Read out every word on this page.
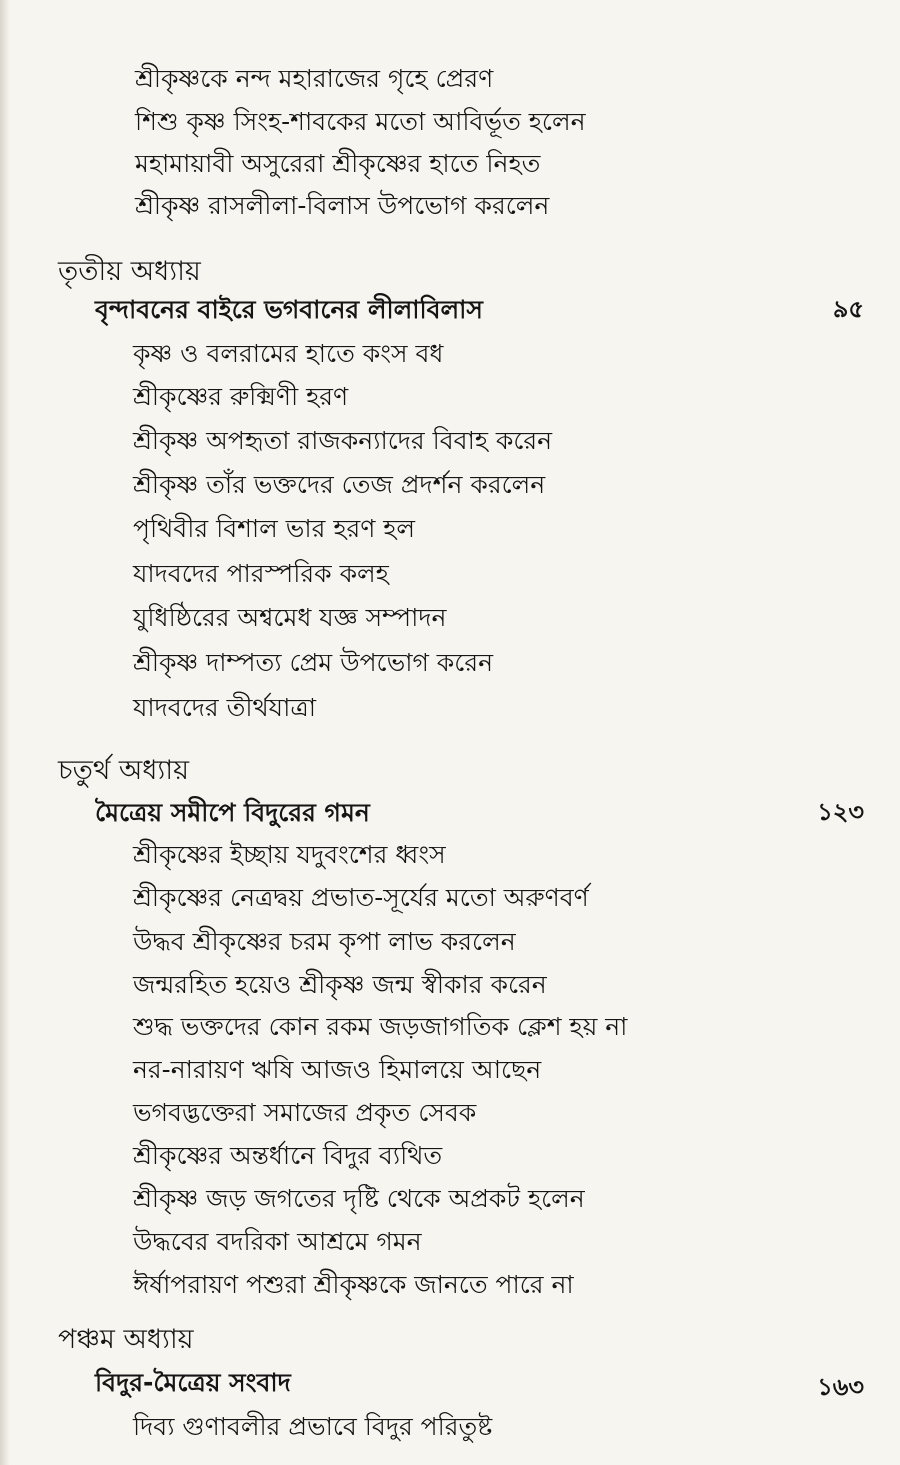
শ্রীকৃষ্ণকে নন্দ মহারাজের গৃহে প্রেরণ
শিশু কৃষ্ণ সিংহ-শাবকের মতো আবির্ভূত হলেন
মহামায়াবী অসুরেরা শ্রীকৃষ্ণের হাতে নিহত
শ্রীকৃষ্ণ রাসলীলা-বিলাস উপভোগ করলেন
তৃতীয় অধ্যায়
বৃন্দাবনের বাইরে ভগবানের লীলাবিলাস	৯৫
কৃষ্ণ ও বলরামের হাতে কংস বধ
শ্রীকৃষ্ণের রুক্মিণী হরণ
শ্রীকৃষ্ণ অপহৃতা রাজকন্যাদের বিবাহ করেন
শ্রীকৃষ্ণ তাঁর ভক্তদের তেজ প্রদর্শন করলেন
পৃথিবীর বিশাল ভার হরণ হল
যাদবদের পারস্পরিক কলহ
যুধিষ্ঠিরের অশ্বমেধ যজ্ঞ সম্পাদন
শ্রীকৃষ্ণ দাম্পত্য প্রেম উপভোগ করেন
যাদবদের তীর্থযাত্রা
চতুর্থ অধ্যায়
মৈত্রেয় সমীপে বিদুরের গমন	১২৩
শ্রীকৃষ্ণের ইচ্ছায় যদুবংশের ধ্বংস
শ্রীকৃষ্ণের নেত্রদ্বয় প্রভাত-সূর্যের মতো অরুণবর্ণ
উদ্ধব শ্রীকৃষ্ণের চরম কৃপা লাভ করলেন
জন্মরহিত হয়েও শ্রীকৃষ্ণ জন্ম স্বীকার করেন
শুদ্ধ ভক্তদের কোন রকম জড়জাগতিক ক্লেশ হয় না
নর-নারায়ণ ঋষি আজও হিমালয়ে আছেন
ভগবদ্ভক্তেরা সমাজের প্রকৃত সেবক
শ্রীকৃষ্ণের অন্তর্ধানে বিদুর ব্যথিত
শ্রীকৃষ্ণ জড় জগতের দৃষ্টি থেকে অপ্রকট হলেন
উদ্ধবের বদরিকা আশ্রমে গমন
ঈর্ষাপরায়ণ পশুরা শ্রীকৃষ্ণকে জানতে পারে না
পঞ্চম অধ্যায়
বিদুর-মৈত্রেয় সংবাদ	১৬৩
দিব্য গুণাবলীর প্রভাবে বিদুর পরিতুষ্ট
